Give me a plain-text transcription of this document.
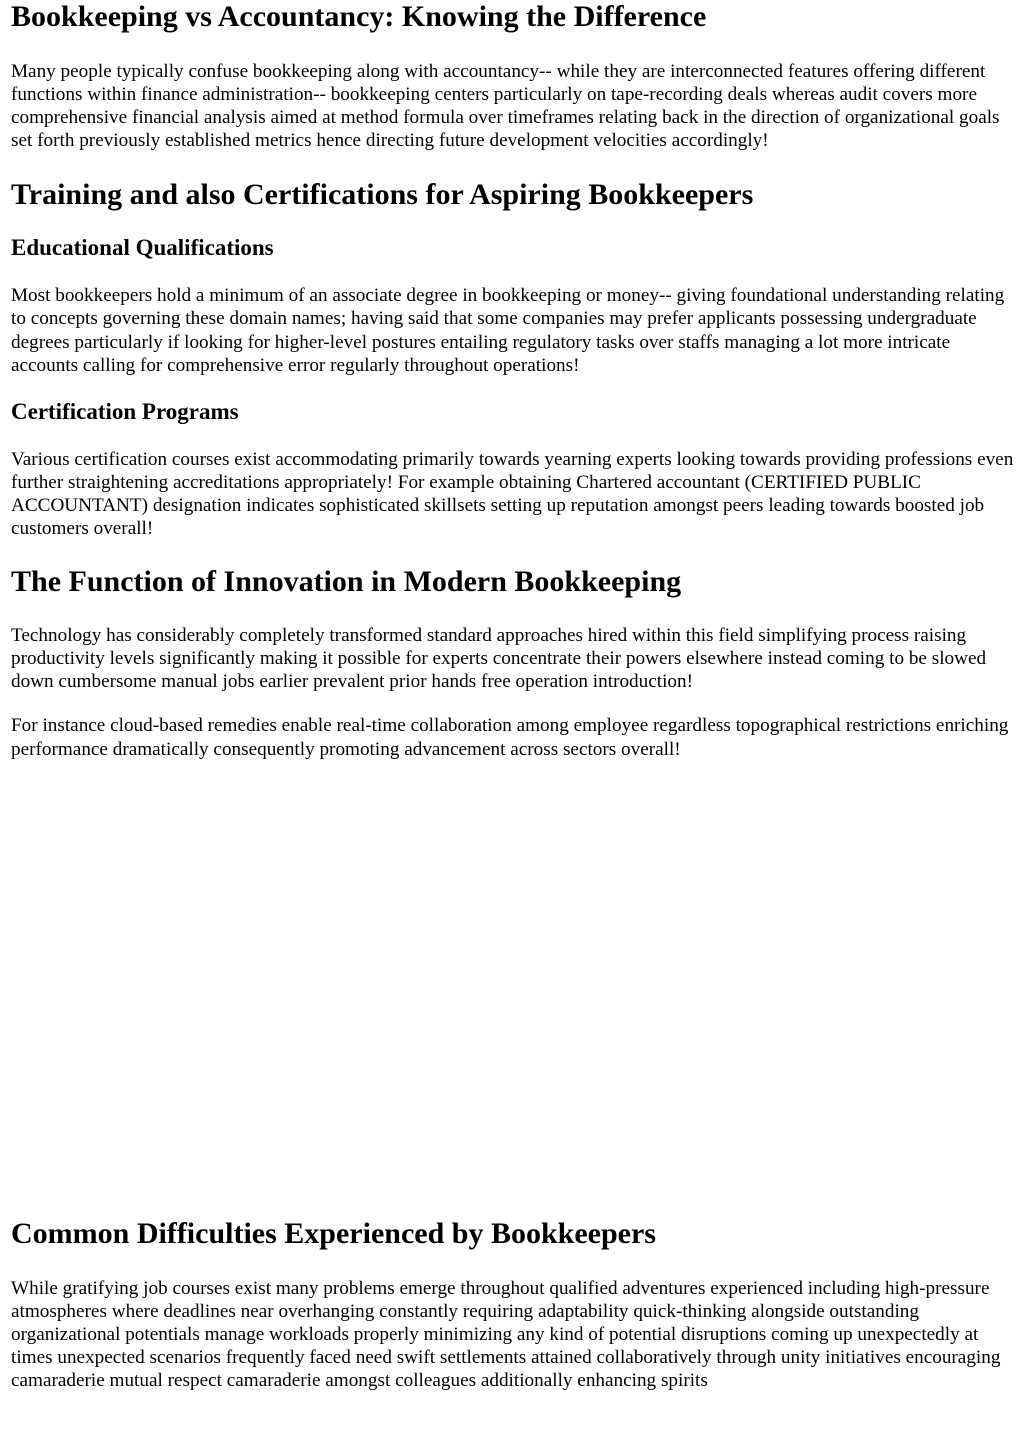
Bookkeeping vs Accountancy: Knowing the Difference

Many people typically confuse bookkeeping along with accountancy-- while they are interconnected features offering different functions within finance administration-- bookkeeping centers particularly on tape-recording deals whereas audit covers more comprehensive financial analysis aimed at method formula over timeframes relating back in the direction of organizational goals set forth previously established metrics hence directing future development velocities accordingly!

Training and also Certifications for Aspiring Bookkeepers
Educational Qualifications

Most bookkeepers hold a minimum of an associate degree in bookkeeping or money-- giving foundational understanding relating to concepts governing these domain names; having said that some companies may prefer applicants possessing undergraduate degrees particularly if looking for higher-level postures entailing regulatory tasks over staffs managing a lot more intricate accounts calling for comprehensive error regularly throughout operations!

Certification Programs

Various certification courses exist accommodating primarily towards yearning experts looking towards providing professions even further straightening accreditations appropriately! For example obtaining Chartered accountant (CERTIFIED PUBLIC ACCOUNTANT) designation indicates sophisticated skillsets setting up reputation amongst peers leading towards boosted job customers overall!

The Function of Innovation in Modern Bookkeeping

Technology has considerably completely transformed standard approaches hired within this field simplifying process raising productivity levels significantly making it possible for experts concentrate their powers elsewhere instead coming to be slowed down cumbersome manual jobs earlier prevalent prior hands free operation introduction!

For instance cloud-based remedies enable real-time collaboration among employee regardless topographical restrictions enriching performance dramatically consequently promoting advancement across sectors overall!

Common Difficulties Experienced by Bookkeepers

While gratifying job courses exist many problems emerge throughout qualified adventures experienced including high-pressure atmospheres where deadlines near overhanging constantly requiring adaptability quick-thinking alongside outstanding organizational potentials manage workloads properly minimizing any kind of potential disruptions coming up unexpectedly at times unexpected scenarios frequently faced need swift settlements attained collaboratively through unity initiatives encouraging camaraderie mutual respect camaraderie amongst colleagues additionally enhancing spirits
